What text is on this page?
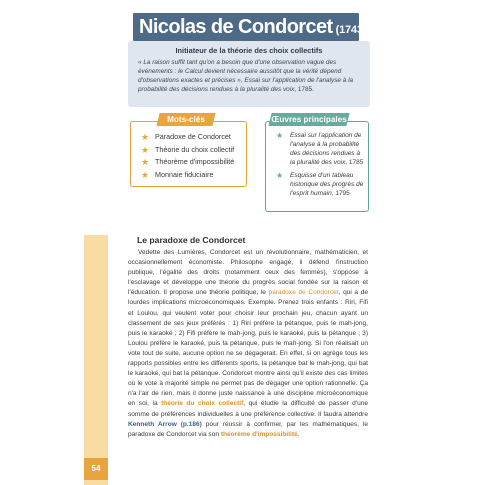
Nicolas de Condorcet (1743 - 1794)
Initiateur de la théorie des choix collectifs
« La raison suffit tant qu'on a besoin que d'une observation vague des événements : le Calcul devient nécessaire aussitôt que la vérité dépend d'observations exactes et précises », Essai sur l'application de l'analyse à la probabilité des décisions rendues à la pluralité des voix, 1785.
Mots-clés
★ Paradoxe de Condorcet
★ Théorie du choix collectif
★ Théorème d'impossibilité
★ Monnaie fiduciaire
Œuvres principales
★ Essai sur l'application de l'analyse à la probabilité des décisions rendues à la pluralité des voix, 1785
★ Esquisse d'un tableau historique des progrès de l'esprit humain, 1795
Le paradoxe de Condorcet
Vedette des Lumières, Condorcet est un révolutionnaire, mathématicien, et occasionnellement économiste. Philosophe engagé, il défend l'instruction publique, l'égalité des droits (notamment ceux des femmes), s'oppose à l'esclavage et développe une théorie du progrès social fondée sur la raison et l'éducation. Il propose une théorie politique, le paradoxe de Condorcet, qui a de lourdes implications microéconomiques. Exemple. Prenez trois enfants : Riri, Fifi et Loulou, qui veulent voter pour choisir leur prochain jeu, chacun ayant un classement de ses jeux préférés : 1) Riri préfère la pétanque, puis le mah-jong, puis le karaoké ; 2) Fifi préfère le mah-jong, puis le karaoké, puis la pétanque ; 3) Loulou préfère le karaoké, puis la pétanque, puis le mah-jong. Si l'on réalisait un vote tout de suite, aucune option ne se dégagerait. En effet, si on agrège tous les rapports possibles entre les différents sports, la pétanque bat le mah-jong, qui bat le karaoké, qui bat la pétanque. Condorcet montre ainsi qu'il existe des cas limites où le vote à majorité simple ne permet pas de dégager une option rationnelle. Ça n'a l'air de rien, mais il donne juste naissance à une discipline microéconomique en soi, la théorie du choix collectif, qui étudie la difficulté de passer d'une somme de préférences individuelles à une préférence collective. Il faudra attendre Kenneth Arrow (p.186) pour réussir à confirmer, par les mathématiques, le paradoxe de Condorcet via son théorème d'impossibilité.
54
